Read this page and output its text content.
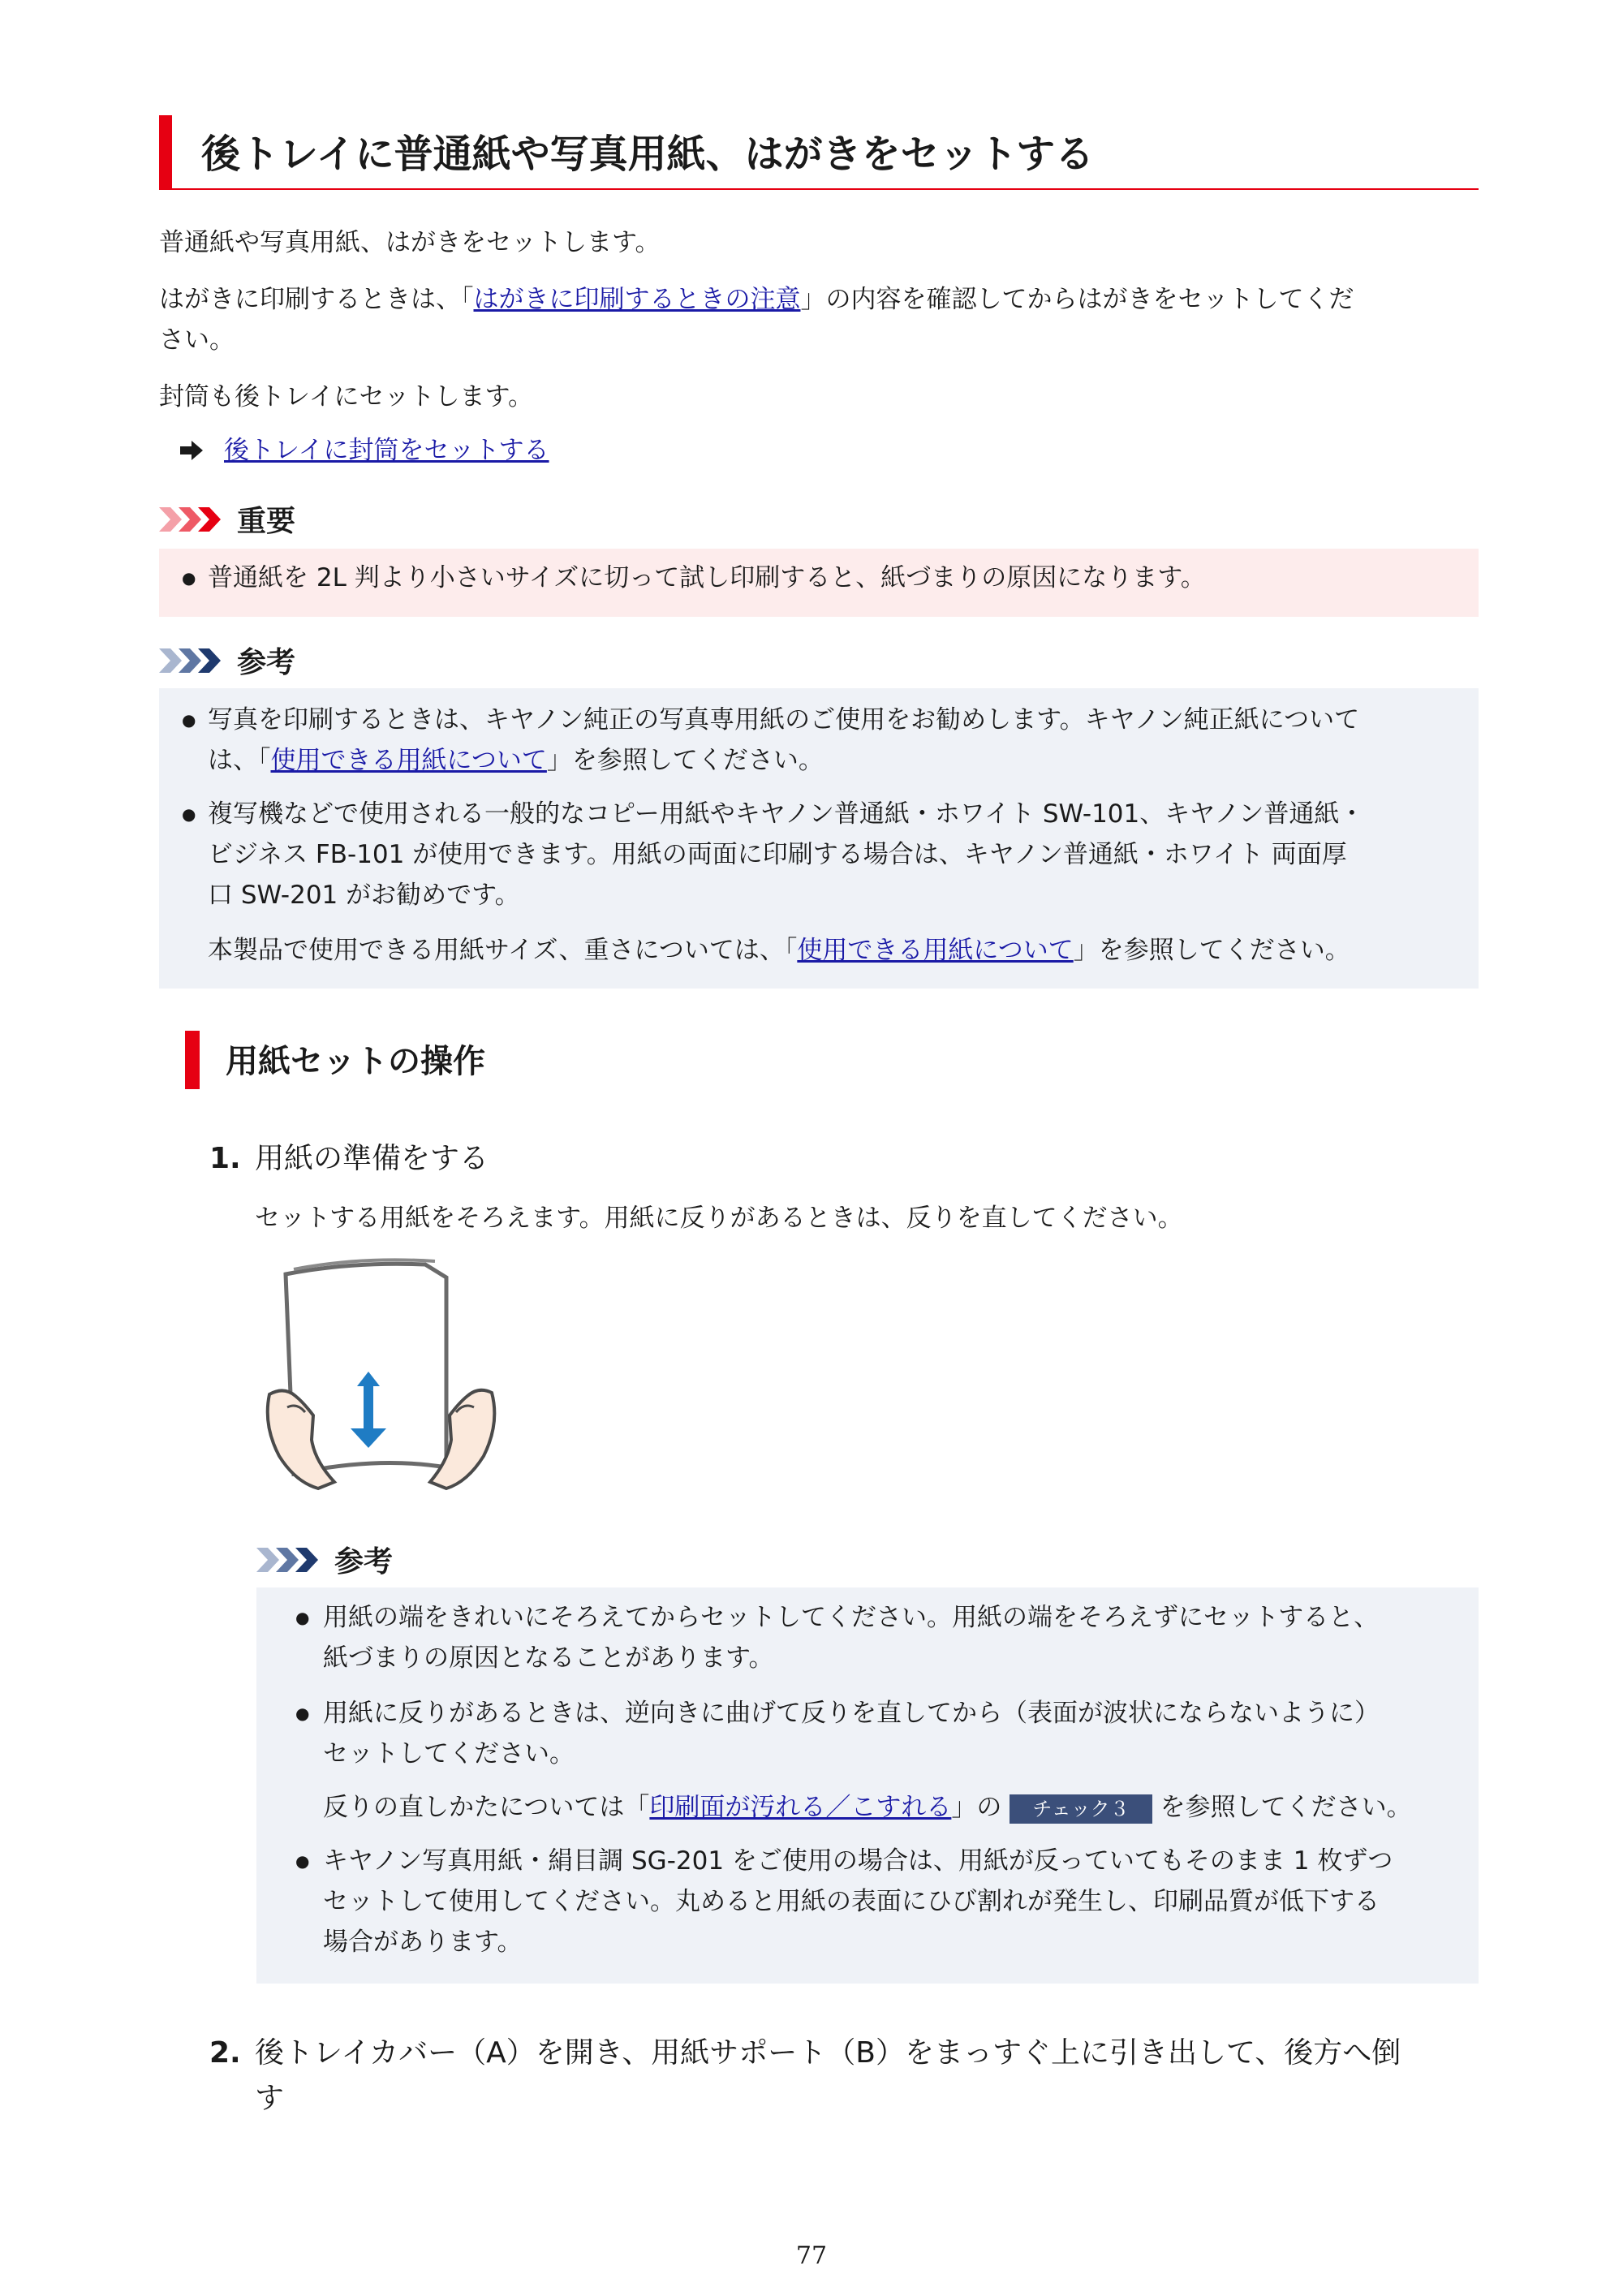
後トレイに普通紙や写真用紙、はがきをセットする
普通紙や写真用紙、はがきをセットします。
はがきに印刷するときは、「はがきに印刷するときの注意」の内容を確認してからはがきをセットしてくだ
さい。
封筒も後トレイにセットします。
後トレイに封筒をセットする
重要
● 普通紙を 2L 判より小さいサイズに切って試し印刷すると、紙づまりの原因になります。
参考
● 写真を印刷するときは、キヤノン純正の写真専用紙のご使用をお勧めします。キヤノン純正紙について
は、「使用できる用紙について」を参照してください。
● 複写機などで使用される一般的なコピー用紙やキヤノン普通紙・ホワイト SW-101、キヤノン普通紙・
ビジネス FB-101 が使用できます。用紙の両面に印刷する場合は、キヤノン普通紙・ホワイト 両面厚
口 SW-201 がお勧めです。
本製品で使用できる用紙サイズ、重さについては、「使用できる用紙について」を参照してください。
用紙セットの操作
1. 用紙の準備をする
セットする用紙をそろえます。用紙に反りがあるときは、反りを直してください。
参考
● 用紙の端をきれいにそろえてからセットしてください。用紙の端をそろえずにセットすると、
紙づまりの原因となることがあります。
● 用紙に反りがあるときは、逆向きに曲げて反りを直してから（表面が波状にならないように）
セットしてください。
反りの直しかたについては「印刷面が汚れる／こすれる」の チェック３ を参照してください。
● キヤノン写真用紙・絹目調 SG-201 をご使用の場合は、用紙が反っていてもそのまま 1 枚ずつ
セットして使用してください。丸めると用紙の表面にひび割れが発生し、印刷品質が低下する
場合があります。
2. 後トレイカバー（A）を開き、用紙サポート（B）をまっすぐ上に引き出して、後方へ倒
す
77
